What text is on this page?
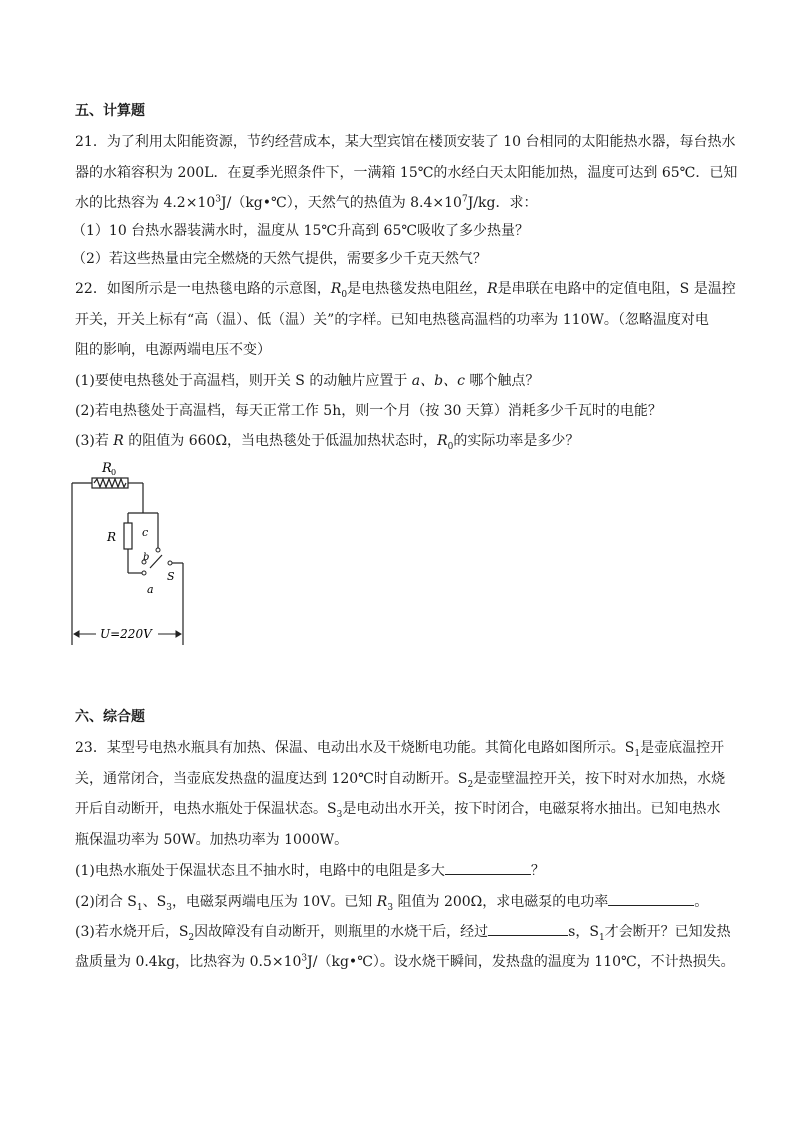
五、计算题
21．为了利用太阳能资源，节约经营成本，某大型宾馆在楼顶安装了 10 台相同的太阳能热水器，每台热水
器的水箱容积为 200L．在夏季光照条件下，一满箱 15℃的水经白天太阳能加热，温度可达到 65℃．已知
水的比热容为 $4.2\times 10^3J/(kg•℃)$，天然气的热值为 $8.4\times 10^7J/kg$．求：
（1）10 台热水器装满水时，温度从 15℃升高到 65℃吸收了多少热量？
（2）若这些热量由完全燃烧的天然气提供，需要多少千克天然气？
22．如图所示是一电热毯电路的示意图，$R_0$是电热毯发热电阻丝，R是串联在电路中的定值电阻，S 是温控
开关，开关上标有“高（温）、低（温）关”的字样。已知电热毯高温档的功率为 110W。（忽略温度对电
阻的影响，电源两端电压不变）
(1)要使电热毯处于高温档，则开关 S 的动触片应置于 a、b、c 哪个触点？
(2)若电热毯处于高温档，每天正常工作 5h，则一个月（按 30 天算）消耗多少千瓦时的电能？
(3)若 R 的阻值为 660Ω，当电热毯处于低温加热状态时，$R_0$的实际功率是多少？
R 0
R c
b
a
S
U=220V
六、综合题
23．某型号电热水瓶具有加热、保温、电动出水及干烧断电功能。其简化电路如图所示。$S_1$是壶底温控开
关，通常闭合，当壶底发热盘的温度达到 120℃时自动断开。$S_2$是壶壁温控开关，按下时对水加热，水烧
开后自动断开，电热水瓶处于保温状态。$S_3$是电动出水开关，按下时闭合，电磁泵将水抽出。已知电热水
瓶保温功率为 50W。加热功率为 1000W。
(1)电热水瓶处于保温状态且不抽水时，电路中的电阻是多大	？
(2)闭合 $S_1$、$S_3$，电磁泵两端电压为 10V。已知 $R_3$ 阻值为 200Ω，求电磁泵的电功率	。
(3)若水烧开后，$S_2$因故障没有自动断开，则瓶里的水烧干后，经过	s，$S_1$才会断开？已知发热
盘质量为 0.4kg，比热容为 $0.5\times 10^3J/(kg•℃)$。设水烧干瞬间，发热盘的温度为 110℃，不计热损失。
